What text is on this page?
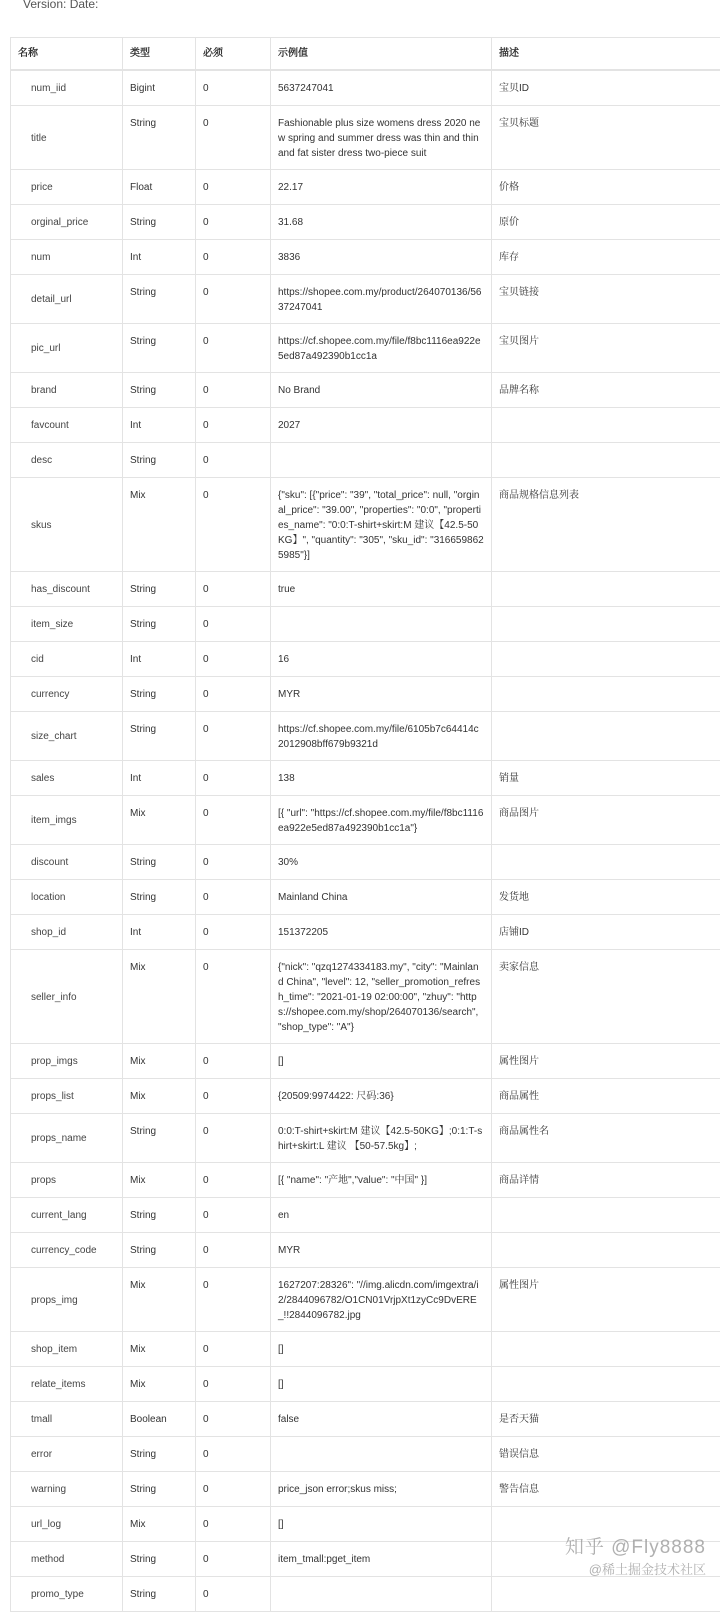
Version: Date:
名称	类型	必须	示例值	描述
num_iid	Bigint	0	5637247041	宝贝ID
title	String	0	Fashionable plus size womens dress 2020 new spring and summer dress was thin and thin and fat sister dress two-piece suit	宝贝标题
price	Float	0	22.17	价格
orginal_price	String	0	31.68	原价
num	Int	0	3836	库存
detail_url	String	0	https://shopee.com.my/product/264070136/5637247041	宝贝链接
pic_url	String	0	https://cf.shopee.com.my/file/f8bc1116ea922e5ed87a492390b1cc1a	宝贝图片
brand	String	0	No Brand	品牌名称
favcount	Int	0	2027	
desc	String	0		
skus	Mix	0	{"sku": [{"price": "39", "total_price": null, "orginal_price": "39.00", "properties": "0:0", "properties_name": "0:0:T-shirt+skirt:M 建议【42.5-50KG】", "quantity": "305", "sku_id": "3166598625985"}]	商品规格信息列表
has_discount	String	0	true	
item_size	String	0		
cid	Int	0	16	
currency	String	0	MYR	
size_chart	String	0	https://cf.shopee.com.my/file/6105b7c64414c2012908bff679b9321d	
sales	Int	0	138	销量
item_imgs	Mix	0	[{ "url": "https://cf.shopee.com.my/file/f8bc1116ea922e5ed87a492390b1cc1a"}	商品图片
discount	String	0	30%	
location	String	0	Mainland China	发货地
shop_id	Int	0	151372205	店铺ID
seller_info	Mix	0	{"nick": "qzq1274334183.my", "city": "Mainland China", "level": 12, "seller_promotion_refresh_time": "2021-01-19 02:00:00", "zhuy": "https://shopee.com.my/shop/264070136/search", "shop_type": "A"}	卖家信息
prop_imgs	Mix	0	[]	属性图片
props_list	Mix	0	{20509:9974422: 尺码:36}	商品属性
props_name	String	0	0:0:T-shirt+skirt:M 建议【42.5-50KG】;0:1:T-shirt+skirt:L 建议 【50-57.5kg】;	商品属性名
props	Mix	0	[{ "name": "产地","value": "中国" }]	商品详情
current_lang	String	0	en	
currency_code	String	0	MYR	
props_img	Mix	0	1627207:28326": "//img.alicdn.com/imgextra/i2/2844096782/O1CN01VrjpXt1zyCc9DvERE_!!2844096782.jpg	属性图片
shop_item	Mix	0	[]	
relate_items	Mix	0	[]	
tmall	Boolean	0	false	是否天猫
error	String	0		错误信息
warning	String	0	price_json error;skus miss;	警告信息
url_log	Mix	0	[]	
method	String	0	item_tmall:pget_item	
promo_type	String	0		
知乎 @Fly8888
@稀土掘金技术社区
